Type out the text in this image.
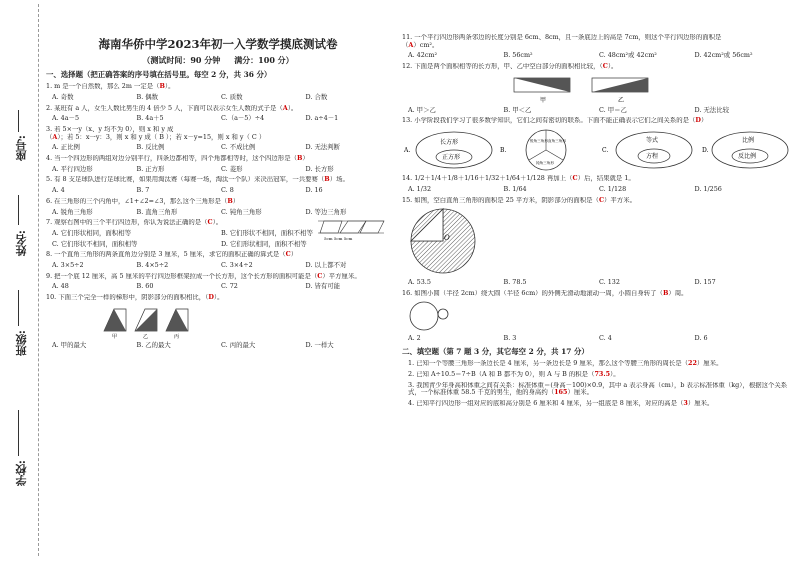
座号:
姓名:
班级:
学校:
海南华侨中学2023年初一入学数学摸底测试卷
（测试时间：90 分钟 满分：100 分）
一、选择题（把正确答案的序号填在括号里。每空 2 分，共 36 分）
1. m 是一个自然数，那么 2m 一定是（B）。
A. 奇数	B. 偶数	C. 质数	D. 合数
2. 某班有 a 人，女生人数比男生的 4 倍少 5 人，下面可以表示女生人数的式子是（A）。
A. 4a－5	B. 4a＋5	C.（a－5）÷4	D. a÷4－1
3. 若 5×一y（x、y 均不为 0），则 x 和 y 成（A）；若 5：x一y：3，则 x 和 y 成（ B ）；若 x－y=15，则 x 和 y（ C ）
A. 正比例	B. 反比例	C. 不成比例	D. 无法判断
4. 当一个四边形的两组对边分别平行，四条边都相等，四个角都相等时，这个四边形是（B）
A. 平行四边形	B. 正方形	C. 菱形	D. 长方形
5. 有 8 支足球队进行足球比赛，如果用淘汰赛（每赛一场，淘汰一个队）来决出冠军，一共要赛（B）场。
A. 4	B. 7	C. 8	D. 16
6. 在三角形的三个内角中，∠1+∠2=∠3，那么这个三角形是（B）
A. 锐角三角形	B. 直角三角形	C. 钝角三角形	D. 等边三角形
7. 观察右图中的三个平行四边形，你认为说法正确的是（C）。
5cm 5cm 5cm
A. 它们形状相同，面积相等	B. 它们形状不相同，面积不相等
C. 它们形状不相同，面积相等	D. 它们形状相同，面积不相等
8. 一个直角三角形的两条直角边分别是 3 厘米，5 厘米，求它的面积正确的算式是（C）
A. 3×5÷2	B. 4×5÷2	C. 3×4÷2	D. 以上都不对
9. 把一个底 12 厘米，高 5 厘米的平行四边形框架拉成一个长方形，这个长方形的面积可能是（C）平方厘米。
A. 48	B. 60	C. 72	D. 皆有可能
10. 下面三个完全一样的梯形中，阴影部分的面积相比，（D）。
甲	乙	丙
A. 甲的最大	B. 乙的最大	C. 丙的最大	D. 一样大
11. 一个平行四边形两条邻边的长度分别是 6cm、8cm，且一条底边上的高是 7cm，则这个平行四边形的面积是
（A）cm²。
A. 42cm²	B. 56cm²	C. 48cm²或 42cm²	D. 42cm²或 56cm²
12. 下面是两个面积相等的长方形，甲、乙中空白部分的面积相比较，（C）。
甲	乙
A. 甲＞乙	B. 甲＜乙	C. 甲＝乙	D. 无法比较
13. 小学阶段我们学习了很多数学知识，它们之间有密切的联系。下面不能正确表示它们之间关系的是（D）
A.
长方形
正方形
B.
锐角三角形 直角三角形
钝角三角形
C.
等式
方程
D.
比例
反比例
14. 1/2＋1/4＋1/8＋1/16＋1/32＋1/64＋1/128 再加上（C）后，结果就是 1。
A. 1/32	B. 1/64	C. 1/128	D. 1/256
15. 如图，空白直角三角形的面积是 25 平方米，阴影部分的面积是（C）平方米。
O
A. 53.5	B. 78.5	C. 132	D. 157
16. 如图小圆（半径 2cm）绕大圆（半径 6cm）的外侧无滑动地滚动一周，小圆自身转了（B）周。
A. 2	B. 3	C. 4	D. 6
二、填空题（第 7 题 3 分，其它每空 2 分，共 17 分）
1. 已知一个等腰三角形一条边长是 4 厘米，另一条边长是 9 厘米，那么这个等腰三角形的周长是（22）厘米。
2. 已知 A÷10.5＝7÷B（A 和 B 都不为 0），则 A 与 B 的积是（73.5）。
3. 我国青少年身高和体重之间有关系：标准体重＝(身高－100)×0.9，其中 a 表示身高（cm），b 表示标准体重（kg），根据这个关系式，一个标准体重 58.5 千克的男生，他的身高约（165）厘米。
4. 已知平行四边形一组对应的底和高分别是 6 厘米和 4 厘米，另一组底是 8 厘米，对应的高是（3）厘米。
